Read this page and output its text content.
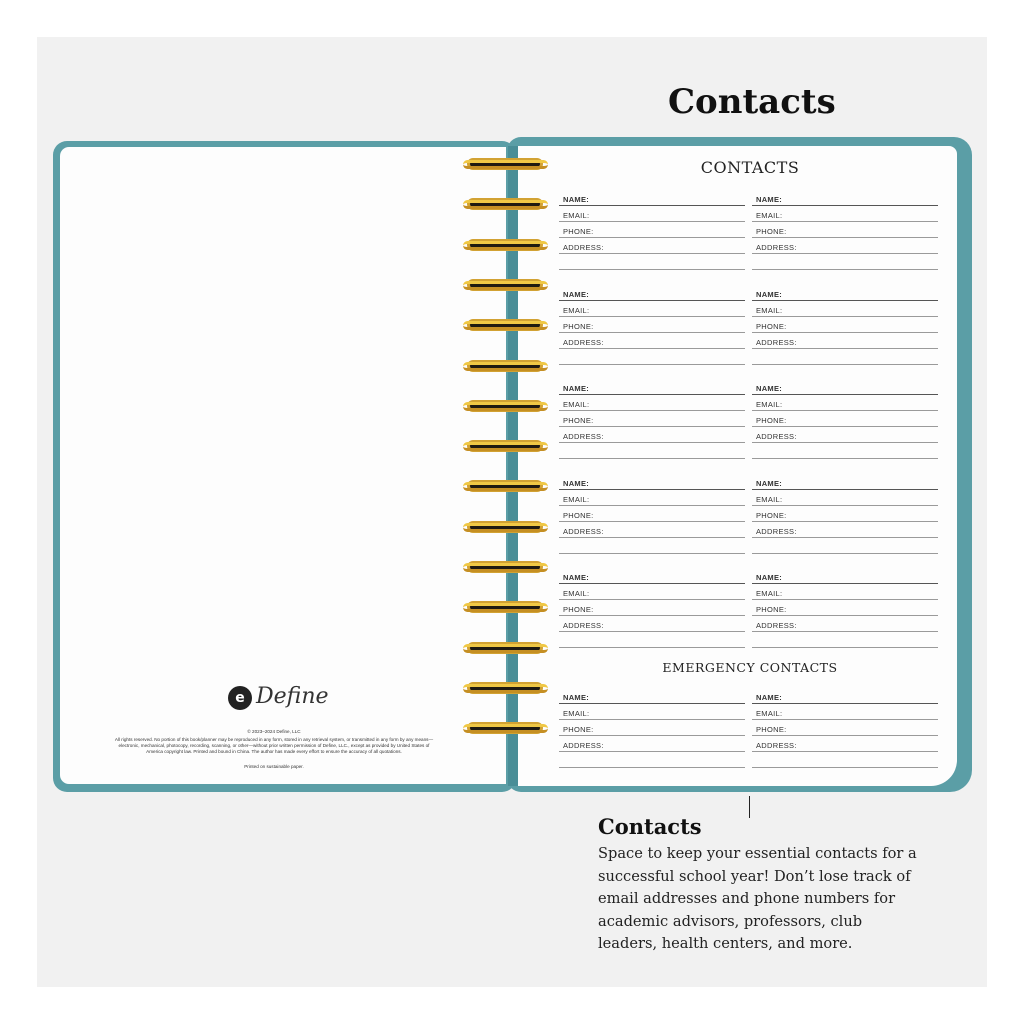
Contacts
e Define
© 2023–2024 Define, LLC
All rights reserved. No portion of this book/planner may be reproduced in any form, stored in any retrieval system, or transmitted in any form by any means—electronic, mechanical, photocopy, recording, scanning, or other—without prior written permission of Define, LLC., except as provided by United States of America copyright law. Printed and bound in China. The author has made every effort to ensure the accuracy of all quotations.
Printed on sustainable paper.
CONTACTS
EMERGENCY CONTACTS
NAME:
EMAIL:
PHONE:
ADDRESS:
NAME:
EMAIL:
PHONE:
ADDRESS:
NAME:
EMAIL:
PHONE:
ADDRESS:
NAME:
EMAIL:
PHONE:
ADDRESS:
NAME:
EMAIL:
PHONE:
ADDRESS:
NAME:
EMAIL:
PHONE:
ADDRESS:
NAME:
EMAIL:
PHONE:
ADDRESS:
NAME:
EMAIL:
PHONE:
ADDRESS:
NAME:
EMAIL:
PHONE:
ADDRESS:
NAME:
EMAIL:
PHONE:
ADDRESS:
NAME:
EMAIL:
PHONE:
ADDRESS:
NAME:
EMAIL:
PHONE:
ADDRESS:
Contacts
Space to keep your essential contacts for a successful school year! Don’t lose track of email addresses and phone numbers for academic advisors, professors, club leaders, health centers, and more.
